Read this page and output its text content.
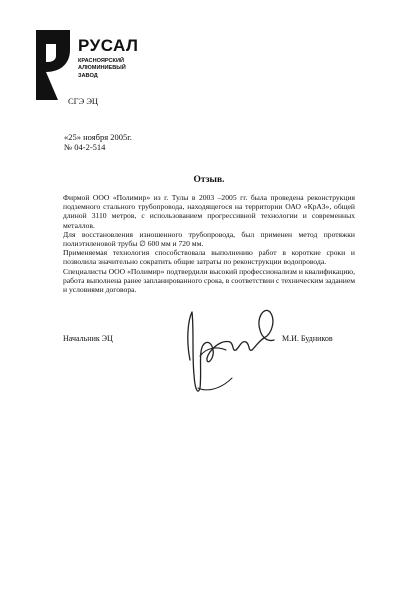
РУСАЛ
КРАСНОЯРСКИЙ
АЛЮМИНИЕВЫЙ
ЗАВОД
СГЭ ЭЦ
«25» ноября 2005г.
№ 04-2-514
Отзыв.

Фирмой ООО «Полимир» из г. Тулы в 2003 –2005 гг. была проведена реконструкция подземного стального трубопровода, находящегося на территории ОАО «КрАЗ», общей длиной 3110 метров, с использованием прогрессивной технологии и современных металлов.

Для восстановления изношенного трубопровода, был применен метод протяжки полиэтиленовой трубы ∅ 600 мм и 720 мм.

Применяемая технология способствовала выполнению работ в короткие сроки и позволила значительно сократить общие затраты по реконструкции водопровода.

Специалисты ООО «Полимир» подтвердили высокий профессионализм и квалификацию, работа выполнена ранее запланированного срока, в соответствии с техническим заданием и условиями договора.

Начальник ЭЦ	М.И. Будников
